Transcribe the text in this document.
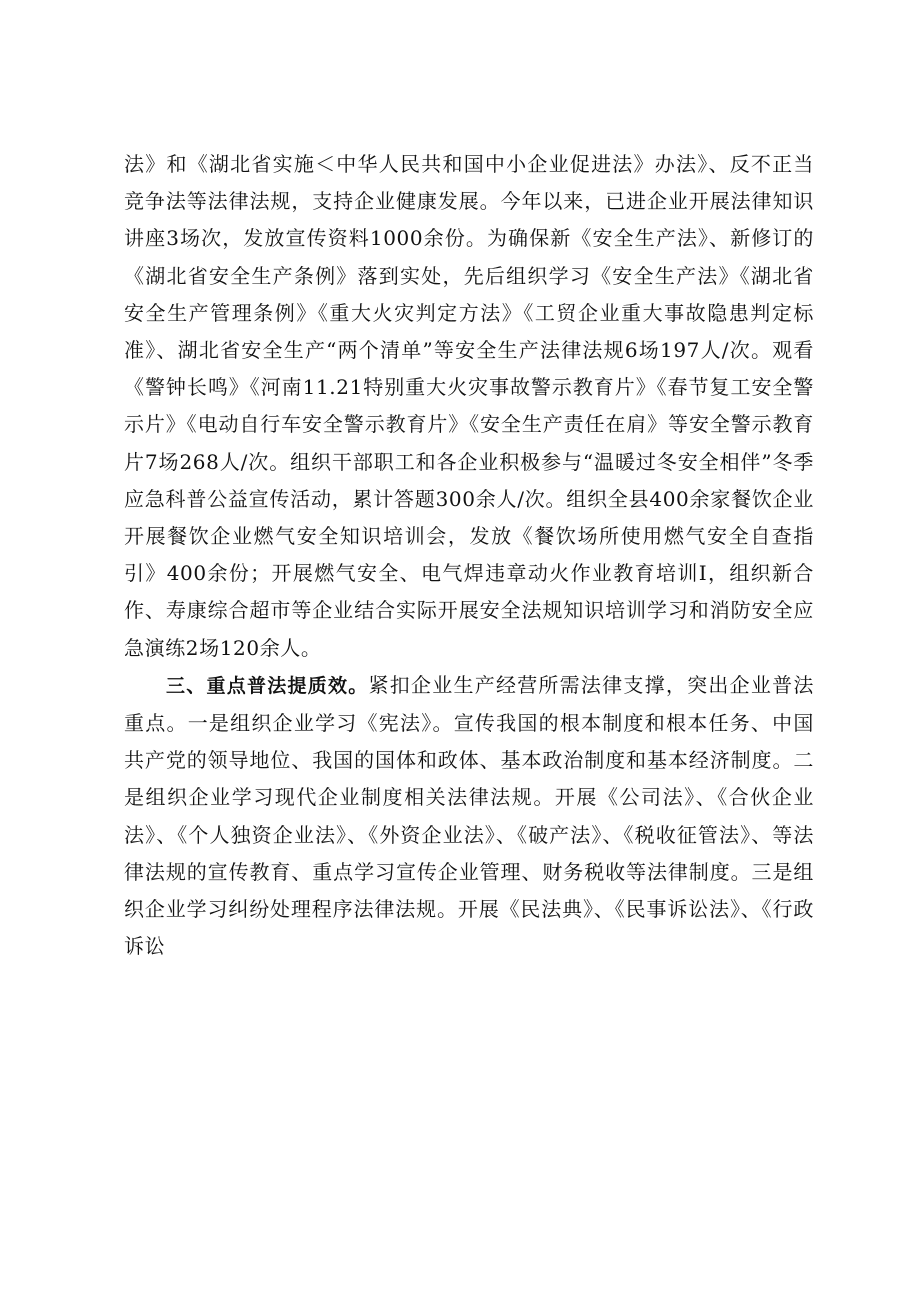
法》和《湖北省实施＜中华人民共和国中小企业促进法》办法》、反不正当竞争法等法律法规，支持企业健康发展。今年以来，已进企业开展法律知识讲座3场次，发放宣传资料1000余份。为确保新《安全生产法》、新修订的《湖北省安全生产条例》落到实处，先后组织学习《安全生产法》《湖北省安全生产管理条例》《重大火灾判定方法》《工贸企业重大事故隐患判定标准》、湖北省安全生产“两个清单”等安全生产法律法规6场197人/次。观看《警钟长鸣》《河南11.21特别重大火灾事故警示教育片》《春节复工安全警示片》《电动自行车安全警示教育片》《安全生产责任在肩》等安全警示教育片7场268人/次。组织干部职工和各企业积极参与“温暖过冬安全相伴”冬季应急科普公益宣传活动，累计答题300余人/次。组织全县400余家餐饮企业开展餐饮企业燃气安全知识培训会，发放《餐饮场所使用燃气安全自查指引》400余份；开展燃气安全、电气焊违章动火作业教育培训I，组织新合作、寿康综合超市等企业结合实际开展安全法规知识培训学习和消防安全应急演练2场120余人。

三、重点普法提质效。紧扣企业生产经营所需法律支撑，突出企业普法重点。一是组织企业学习《宪法》。宣传我国的根本制度和根本任务、中国共产党的领导地位、我国的国体和政体、基本政治制度和基本经济制度。二是组织企业学习现代企业制度相关法律法规。开展《公司法》、《合伙企业法》、《个人独资企业法》、《外资企业法》、《破产法》、《税收征管法》、等法律法规的宣传教育、重点学习宣传企业管理、财务税收等法律制度。三是组织企业学习纠纷处理程序法律法规。开展《民法典》、《民事诉讼法》、《行政诉讼
